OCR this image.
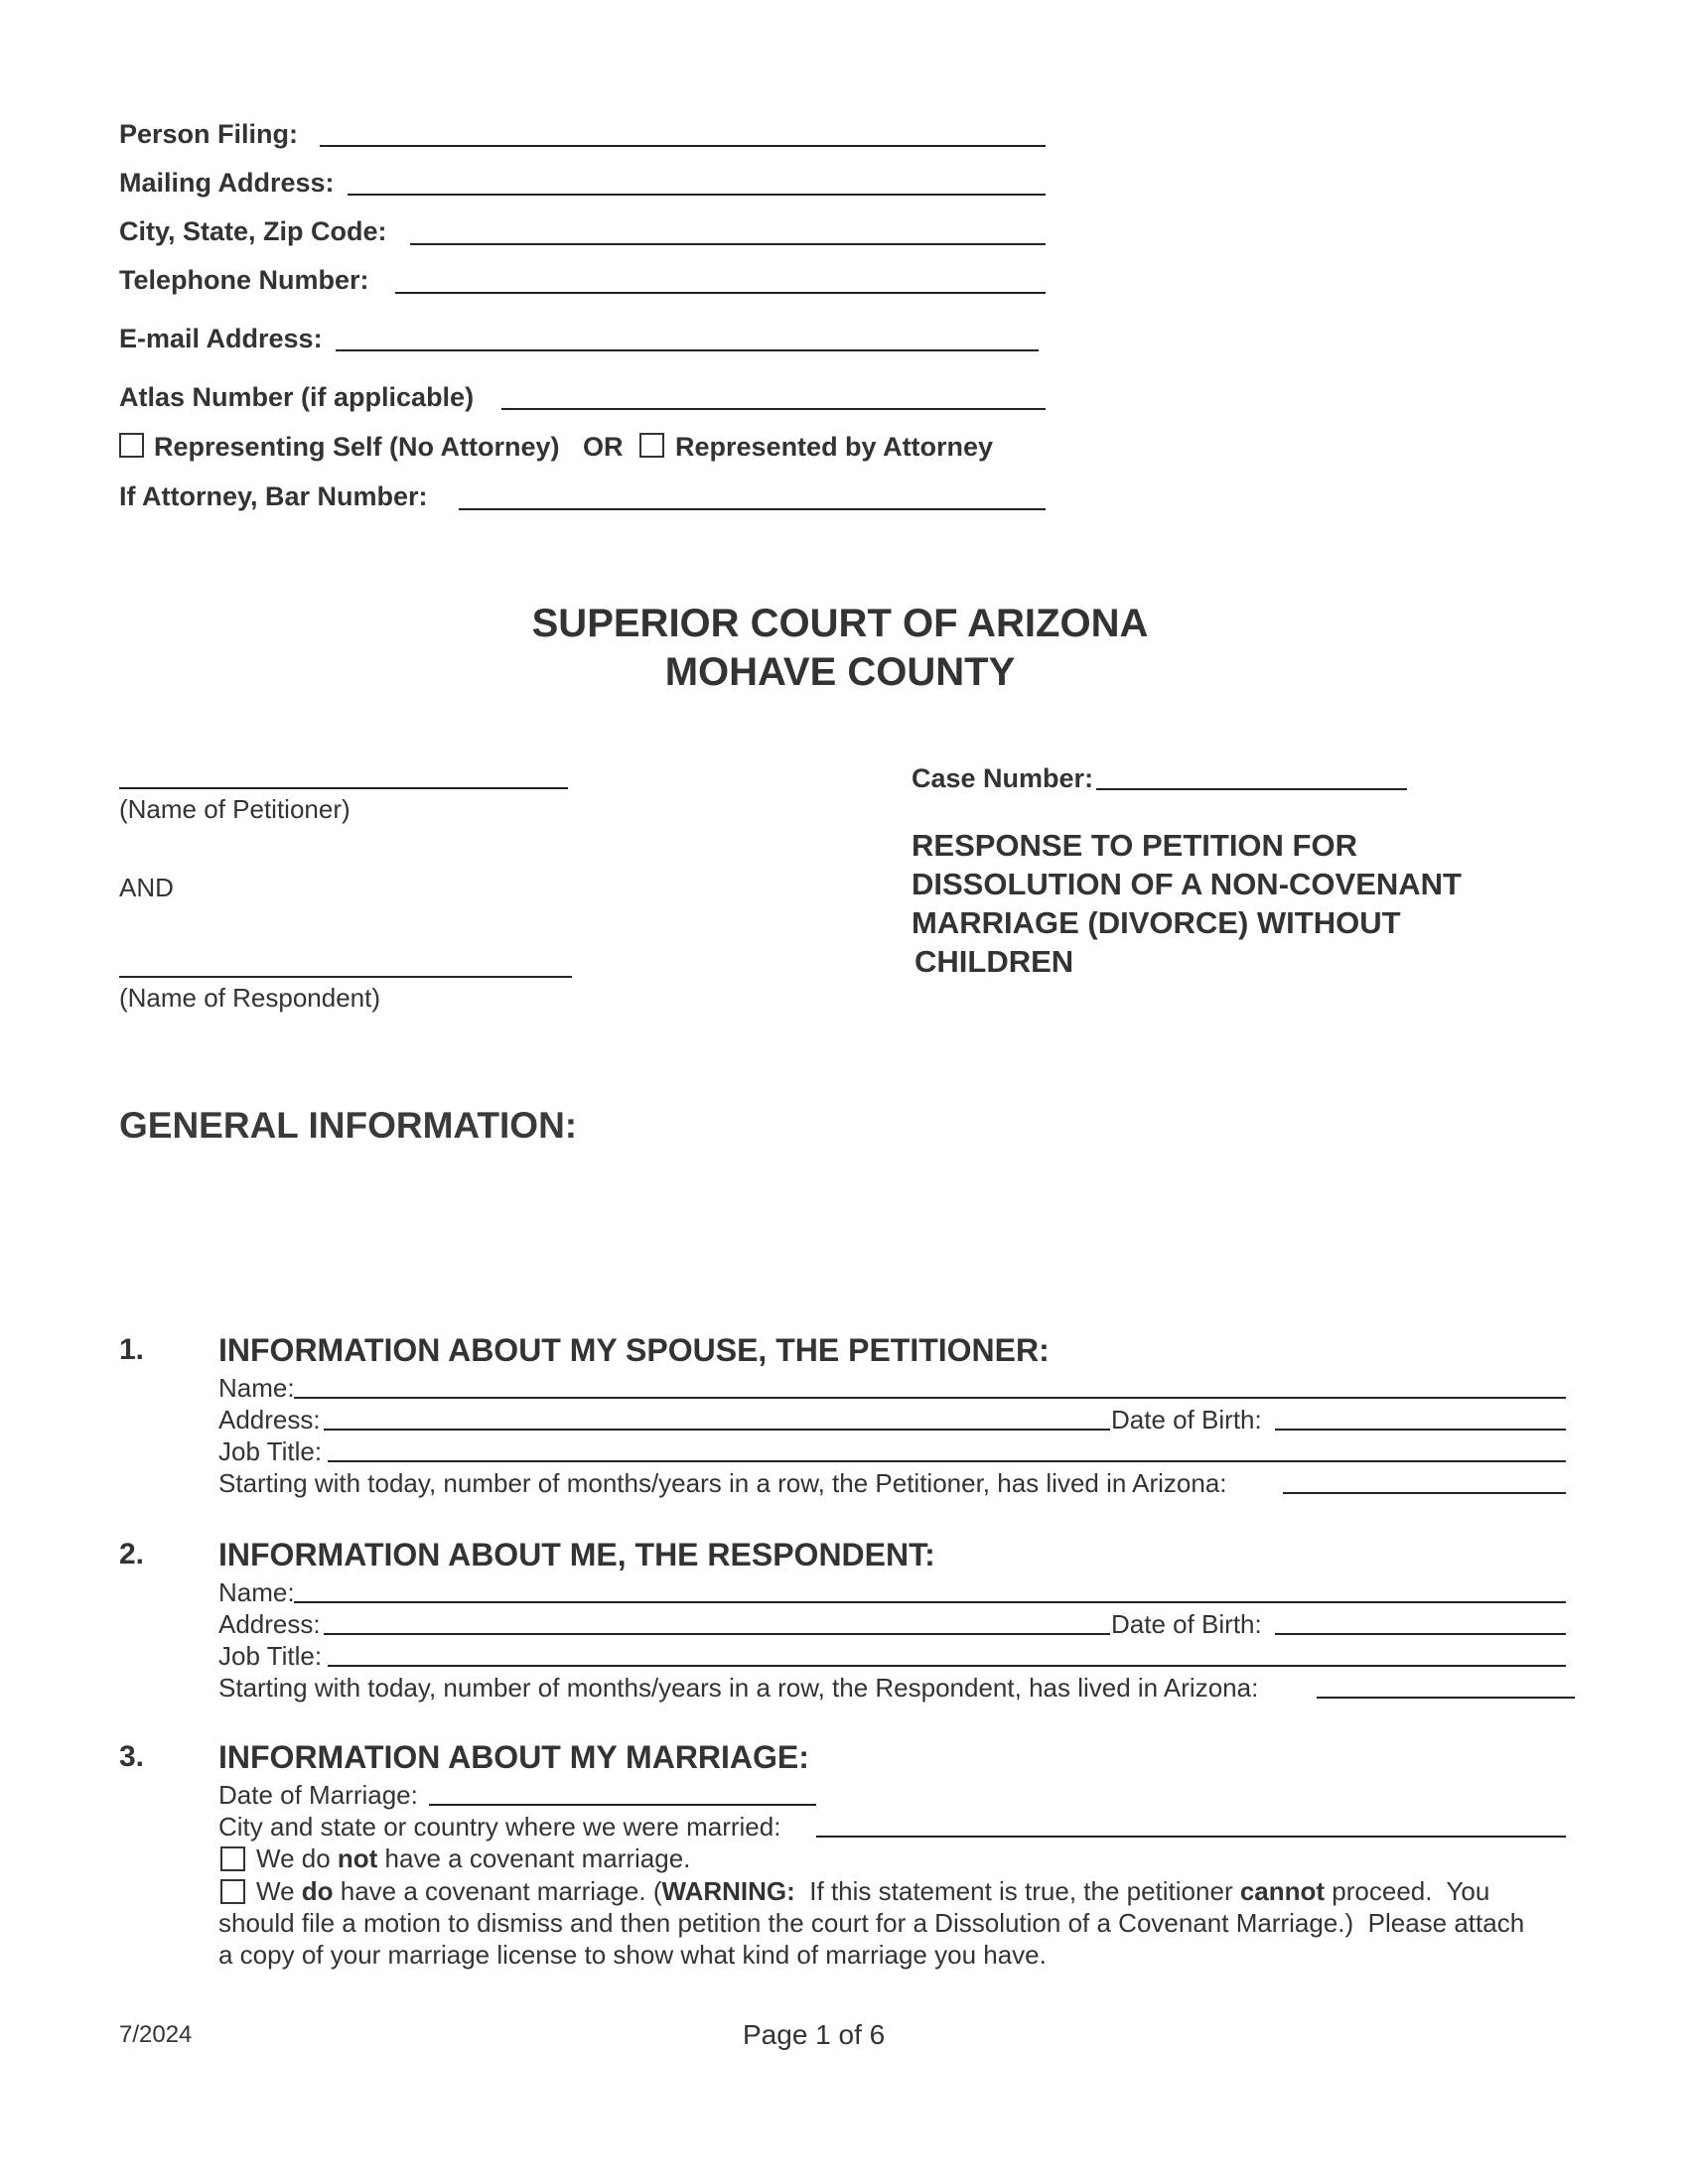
Person Filing:
Mailing Address:
City, State, Zip Code:
Telephone Number:
E-mail Address:
Atlas Number (if applicable)
Representing Self (No Attorney) OR Represented by Attorney
If Attorney, Bar Number:
SUPERIOR COURT OF ARIZONA
MOHAVE COUNTY
(Name of Petitioner)
AND
(Name of Respondent)
Case Number:
RESPONSE TO PETITION FOR
DISSOLUTION OF A NON-COVENANT
MARRIAGE (DIVORCE) WITHOUT
CHILDREN
GENERAL INFORMATION:
1. INFORMATION ABOUT MY SPOUSE, THE PETITIONER:
Name:
Address:	Date of Birth:
Job Title:
Starting with today, number of months/years in a row, the Petitioner, has lived in Arizona:
2. INFORMATION ABOUT ME, THE RESPONDENT:
Name:
Address:	Date of Birth:
Job Title:
Starting with today, number of months/years in a row, the Respondent, has lived in Arizona:
3. INFORMATION ABOUT MY MARRIAGE:
Date of Marriage:
City and state or country where we were married:
We do not have a covenant marriage.
We do have a covenant marriage. (WARNING:  If this statement is true, the petitioner cannot proceed.  You
should file a motion to dismiss and then petition the court for a Dissolution of a Covenant Marriage.)  Please attach
a copy of your marriage license to show what kind of marriage you have.
7/2024	Page 1 of 6
